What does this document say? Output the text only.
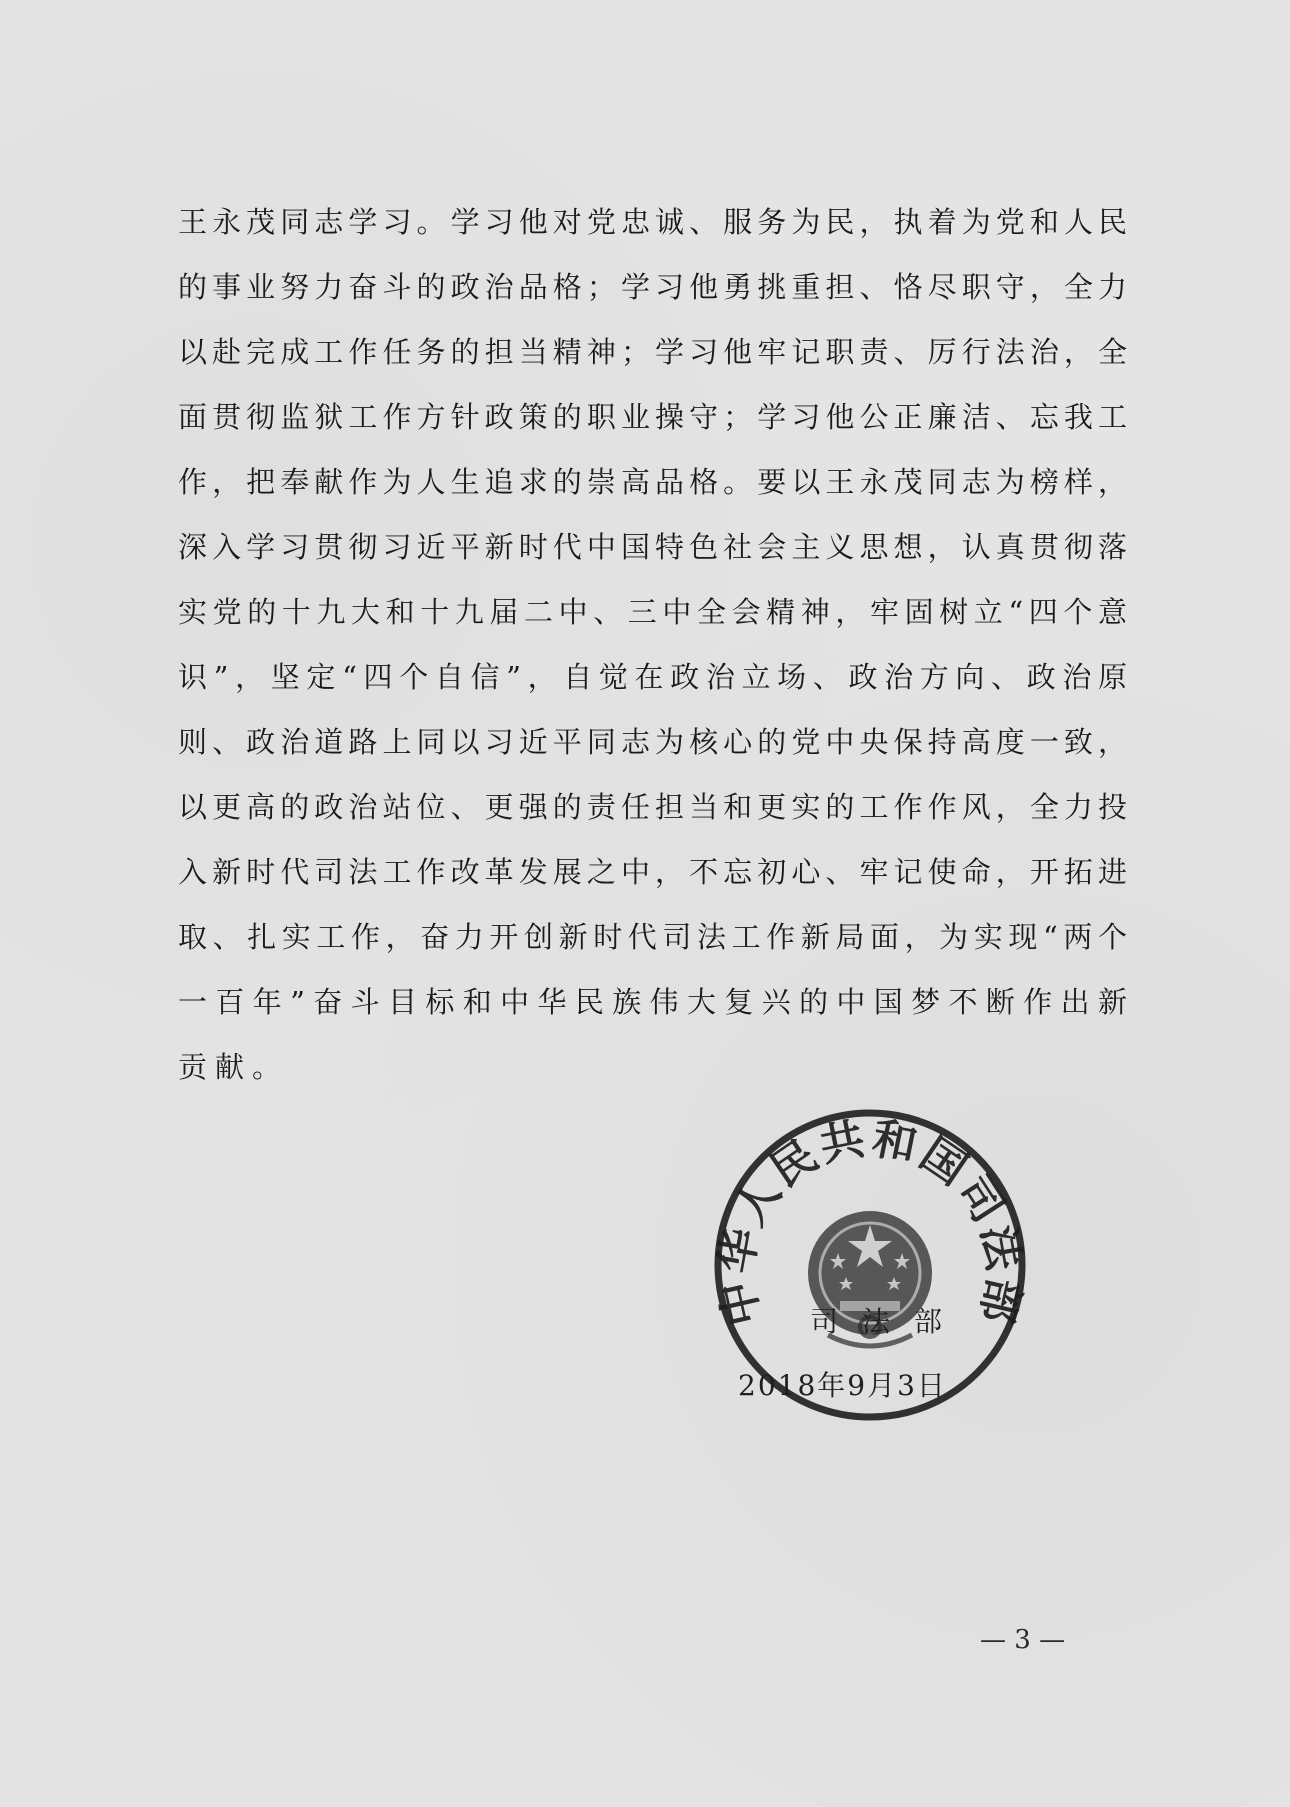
王永茂同志学习。学习他对党忠诚、服务为民，执着为党和人民
的事业努力奋斗的政治品格；学习他勇挑重担、恪尽职守，全力
以赴完成工作任务的担当精神；学习他牢记职责、厉行法治，全
面贯彻监狱工作方针政策的职业操守；学习他公正廉洁、忘我工
作，把奉献作为人生追求的崇高品格。要以王永茂同志为榜样，
深入学习贯彻习近平新时代中国特色社会主义思想，认真贯彻落
实党的十九大和十九届二中、三中全会精神，牢固树立“四个意
识”，坚定“四个自信”，自觉在政治立场、政治方向、政治原
则、政治道路上同以习近平同志为核心的党中央保持高度一致，
以更高的政治站位、更强的责任担当和更实的工作作风，全力投
入新时代司法工作改革发展之中，不忘初心、牢记使命，开拓进
取、扎实工作，奋力开创新时代司法工作新局面，为实现“两个
一百年”奋斗目标和中华民族伟大复兴的中国梦不断作出新
贡献。
中华人民共和国司法部
司法部
2018年9月3日
— 3 —
